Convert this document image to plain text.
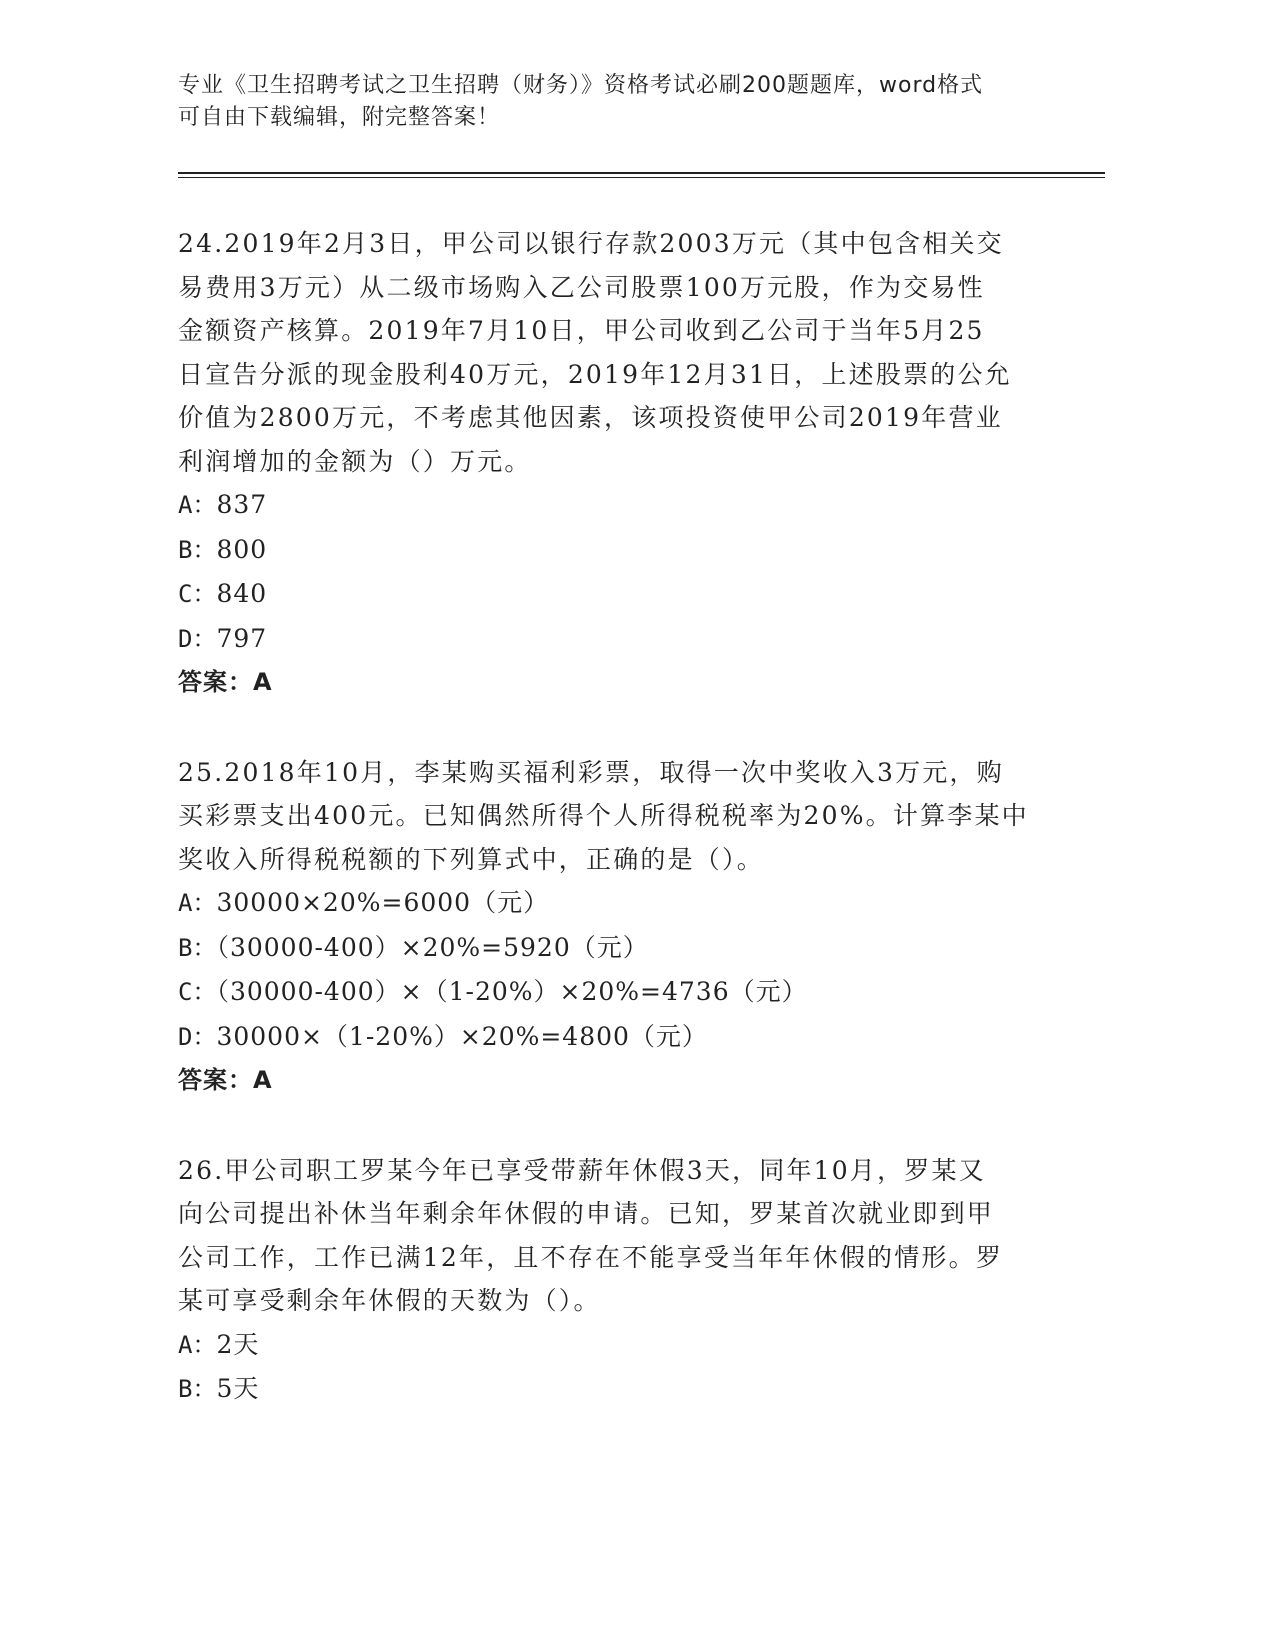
专业《卫生招聘考试之卫生招聘（财务）》资格考试必刷200题题库，word格式
可自由下载编辑，附完整答案！
24.2019年2月3日，甲公司以银行存款2003万元（其中包含相关交
易费用3万元）从二级市场购入乙公司股票100万元股，作为交易性
金额资产核算。2019年7月10日，甲公司收到乙公司于当年5月25
日宣告分派的现金股利40万元，2019年12月31日，上述股票的公允
价值为2800万元，不考虑其他因素，该项投资使甲公司2019年营业
利润增加的金额为（）万元。
A：837
B：800
C：840
D：797
答案：A
25.2018年10月，李某购买福利彩票，取得一次中奖收入3万元，购
买彩票支出400元。已知偶然所得个人所得税税率为20%。计算李某中
奖收入所得税税额的下列算式中，正确的是（）。
A：30000×20%=6000（元）
B：（30000-400）×20%=5920（元）
C：（30000-400）×（1-20%）×20%=4736（元）
D：30000×（1-20%）×20%=4800（元）
答案：A
26.甲公司职工罗某今年已享受带薪年休假3天，同年10月，罗某又
向公司提出补休当年剩余年休假的申请。已知，罗某首次就业即到甲
公司工作，工作已满12年，且不存在不能享受当年年休假的情形。罗
某可享受剩余年休假的天数为（）。
A：2天
B：5天
